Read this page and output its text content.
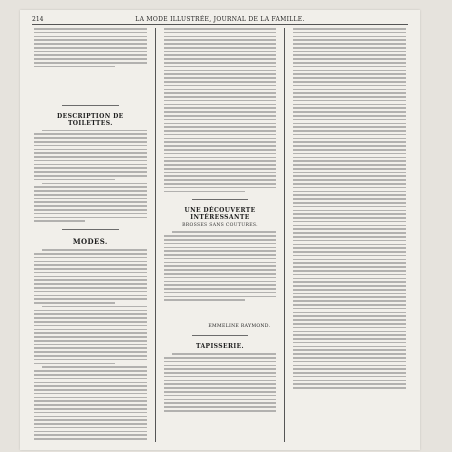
214	LA MODE ILLUSTRÉE, JOURNAL DE LA FAMILLE.
DESCRIPTION DE TOILETTES.
MODES.
UNE DÉCOUVERTE INTÉRESSANTE
BROSSES SANS COUTURES.
EMMELINE RAYMOND.
TAPISSERIE.
